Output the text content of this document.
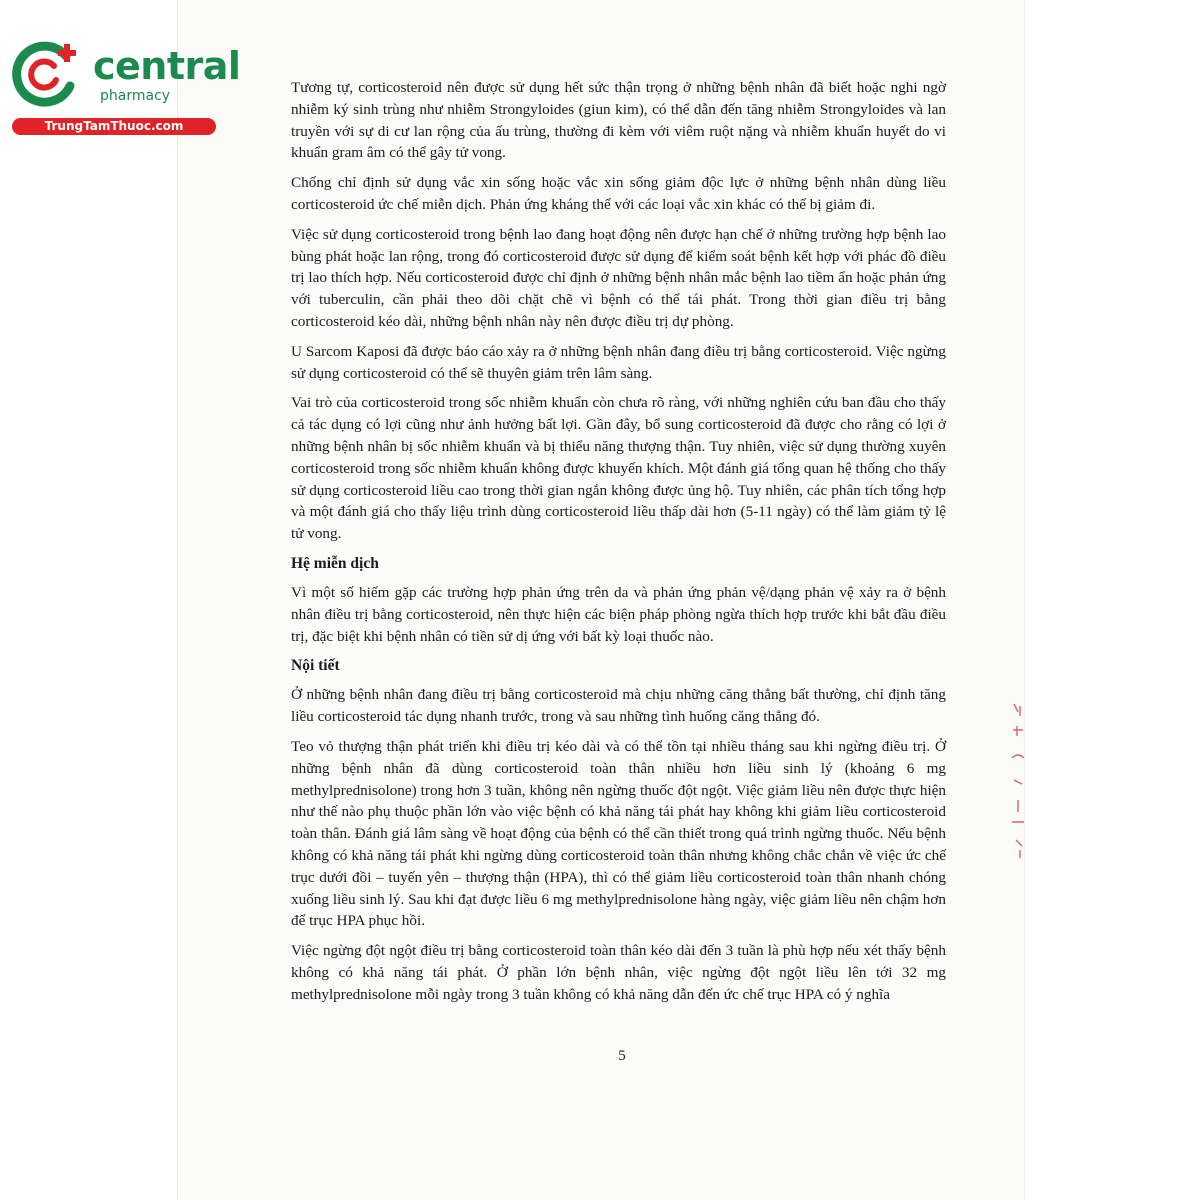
central
pharmacy
TrungTamThuoc.com

Tương tự, corticosteroid nên được sử dụng hết sức thận trọng ở những bệnh nhân đã biết hoặc nghi ngờ nhiễm ký sinh trùng như nhiễm Strongyloides (giun kim), có thể dẫn đến tăng nhiễm Strongyloides và lan truyền với sự di cư lan rộng của ấu trùng, thường đi kèm với viêm ruột nặng và nhiễm khuẩn huyết do vi khuẩn gram âm có thể gây tử vong.

Chống chỉ định sử dụng vắc xin sống hoặc vắc xin sống giảm độc lực ở những bệnh nhân dùng liều corticosteroid ức chế miễn dịch. Phản ứng kháng thể với các loại vắc xin khác có thể bị giảm đi.

Việc sử dụng corticosteroid trong bệnh lao đang hoạt động nên được hạn chế ở những trường hợp bệnh lao bùng phát hoặc lan rộng, trong đó corticosteroid được sử dụng để kiểm soát bệnh kết hợp với phác đồ điều trị lao thích hợp. Nếu corticosteroid được chỉ định ở những bệnh nhân mắc bệnh lao tiềm ẩn hoặc phản ứng với tuberculin, cần phải theo dõi chặt chẽ vì bệnh có thể tái phát. Trong thời gian điều trị bằng corticosteroid kéo dài, những bệnh nhân này nên được điều trị dự phòng.

U Sarcom Kaposi đã được báo cáo xảy ra ở những bệnh nhân đang điều trị bằng corticosteroid. Việc ngừng sử dụng corticosteroid có thể sẽ thuyên giảm trên lâm sàng.

Vai trò của corticosteroid trong sốc nhiễm khuẩn còn chưa rõ ràng, với những nghiên cứu ban đầu cho thấy cả tác dụng có lợi cũng như ảnh hưởng bất lợi. Gần đây, bổ sung corticosteroid đã được cho rằng có lợi ở những bệnh nhân bị sốc nhiễm khuẩn và bị thiểu năng thượng thận. Tuy nhiên, việc sử dụng thường xuyên corticosteroid trong sốc nhiễm khuẩn không được khuyến khích. Một đánh giá tổng quan hệ thống cho thấy sử dụng corticosteroid liều cao trong thời gian ngắn không được ủng hộ. Tuy nhiên, các phân tích tổng hợp và một đánh giá cho thấy liệu trình dùng corticosteroid liều thấp dài hơn (5-11 ngày) có thể làm giảm tỷ lệ tử vong.

Hệ miễn dịch

Vì một số hiếm gặp các trường hợp phản ứng trên da và phản ứng phản vệ/dạng phản vệ xảy ra ở bệnh nhân điều trị bằng corticosteroid, nên thực hiện các biện pháp phòng ngừa thích hợp trước khi bắt đầu điều trị, đặc biệt khi bệnh nhân có tiền sử dị ứng với bất kỳ loại thuốc nào.

Nội tiết

Ở những bệnh nhân đang điều trị bằng corticosteroid mà chịu những căng thẳng bất thường, chỉ định tăng liều corticosteroid tác dụng nhanh trước, trong và sau những tình huống căng thẳng đó.

Teo vỏ thượng thận phát triển khi điều trị kéo dài và có thể tồn tại nhiều tháng sau khi ngừng điều trị. Ở những bệnh nhân đã dùng corticosteroid toàn thân nhiều hơn liều sinh lý (khoảng 6 mg methylprednisolone) trong hơn 3 tuần, không nên ngừng thuốc đột ngột. Việc giảm liều nên được thực hiện như thế nào phụ thuộc phần lớn vào việc bệnh có khả năng tái phát hay không khi giảm liều corticosteroid toàn thân. Đánh giá lâm sàng về hoạt động của bệnh có thể cần thiết trong quá trình ngừng thuốc. Nếu bệnh không có khả năng tái phát khi ngừng dùng corticosteroid toàn thân nhưng không chắc chắn về việc ức chế trục dưới đồi – tuyến yên – thượng thận (HPA), thì có thể giảm liều corticosteroid toàn thân nhanh chóng xuống liều sinh lý. Sau khi đạt được liều 6 mg methylprednisolone hàng ngày, việc giảm liều nên chậm hơn để trục HPA phục hồi.

Việc ngừng đột ngột điều trị bằng corticosteroid toàn thân kéo dài đến 3 tuần là phù hợp nếu xét thấy bệnh không có khả năng tái phát. Ở phần lớn bệnh nhân, việc ngừng đột ngột liều lên tới 32 mg methylprednisolone mỗi ngày trong 3 tuần không có khả năng dẫn đến ức chế trục HPA có ý nghĩa

5
